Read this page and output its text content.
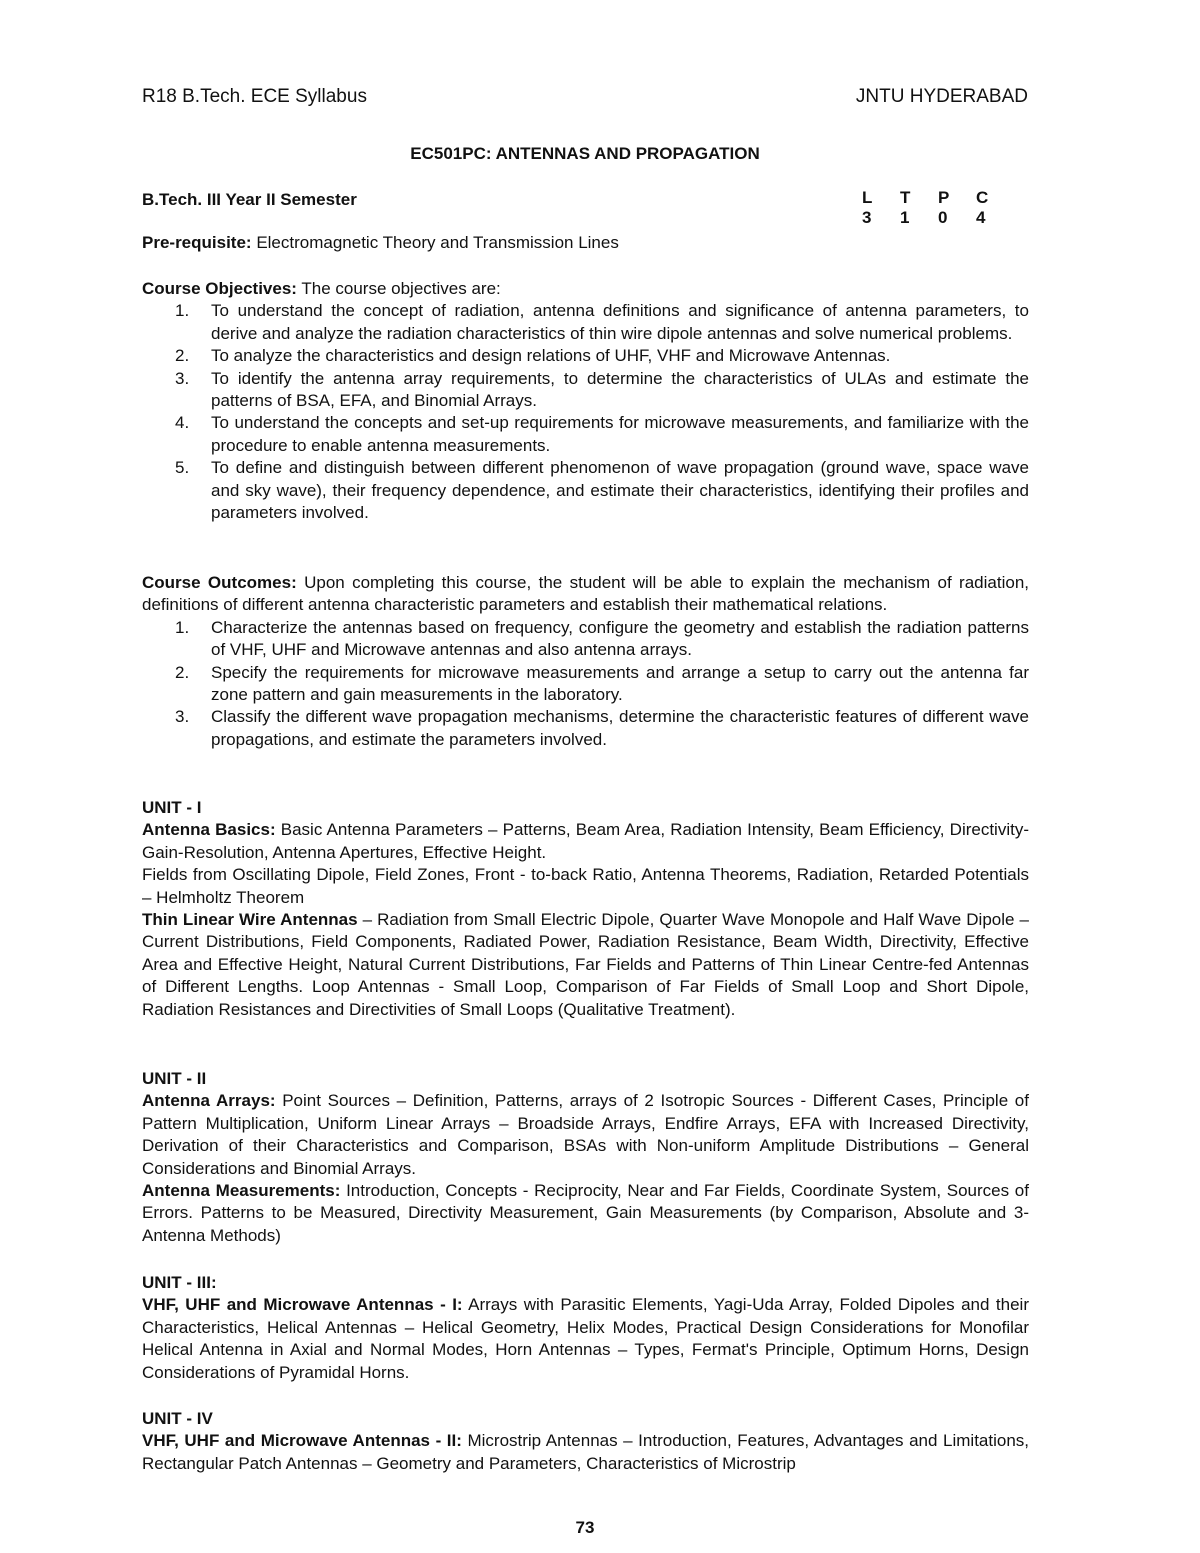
R18 B.Tech. ECE Syllabus	JNTU HYDERABAD
EC501PC: ANTENNAS AND PROPAGATION
B.Tech. III Year II Semester	L	T	P	C
3	1	0	4
Pre-requisite: Electromagnetic Theory and Transmission Lines
Course Objectives: The course objectives are:
1. To understand the concept of radiation, antenna definitions and significance of antenna parameters, to derive and analyze the radiation characteristics of thin wire dipole antennas and solve numerical problems.
2. To analyze the characteristics and design relations of UHF, VHF and Microwave Antennas.
3. To identify the antenna array requirements, to determine the characteristics of ULAs and estimate the patterns of BSA, EFA, and Binomial Arrays.
4. To understand the concepts and set-up requirements for microwave measurements, and familiarize with the procedure to enable antenna measurements.
5. To define and distinguish between different phenomenon of wave propagation (ground wave, space wave and sky wave), their frequency dependence, and estimate their characteristics, identifying their profiles and parameters involved.
Course Outcomes: Upon completing this course, the student will be able to explain the mechanism of radiation, definitions of different antenna characteristic parameters and establish their mathematical relations.
1. Characterize the antennas based on frequency, configure the geometry and establish the radiation patterns of VHF, UHF and Microwave antennas and also antenna arrays.
2. Specify the requirements for microwave measurements and arrange a setup to carry out the antenna far zone pattern and gain measurements in the laboratory.
3. Classify the different wave propagation mechanisms, determine the characteristic features of different wave propagations, and estimate the parameters involved.
UNIT - I
Antenna Basics: Basic Antenna Parameters – Patterns, Beam Area, Radiation Intensity, Beam Efficiency, Directivity-Gain-Resolution, Antenna Apertures, Effective Height.
Fields from Oscillating Dipole, Field Zones, Front - to-back Ratio, Antenna Theorems, Radiation, Retarded Potentials – Helmholtz Theorem
Thin Linear Wire Antennas – Radiation from Small Electric Dipole, Quarter Wave Monopole and Half Wave Dipole – Current Distributions, Field Components, Radiated Power, Radiation Resistance, Beam Width, Directivity, Effective Area and Effective Height, Natural Current Distributions, Far Fields and Patterns of Thin Linear Centre-fed Antennas of Different Lengths. Loop Antennas - Small Loop, Comparison of Far Fields of Small Loop and Short Dipole, Radiation Resistances and Directivities of Small Loops (Qualitative Treatment).
UNIT - II
Antenna Arrays: Point Sources – Definition, Patterns, arrays of 2 Isotropic Sources - Different Cases, Principle of Pattern Multiplication, Uniform Linear Arrays – Broadside Arrays, Endfire Arrays, EFA with Increased Directivity, Derivation of their Characteristics and Comparison, BSAs with Non-uniform Amplitude Distributions – General Considerations and Binomial Arrays.
Antenna Measurements: Introduction, Concepts - Reciprocity, Near and Far Fields, Coordinate System, Sources of Errors. Patterns to be Measured, Directivity Measurement, Gain Measurements (by Comparison, Absolute and 3-Antenna Methods)
UNIT - III:
VHF, UHF and Microwave Antennas - I: Arrays with Parasitic Elements, Yagi-Uda Array, Folded Dipoles and their Characteristics, Helical Antennas – Helical Geometry, Helix Modes, Practical Design Considerations for Monofilar Helical Antenna in Axial and Normal Modes, Horn Antennas – Types, Fermat's Principle, Optimum Horns, Design Considerations of Pyramidal Horns.
UNIT - IV
VHF, UHF and Microwave Antennas - II: Microstrip Antennas – Introduction, Features, Advantages and Limitations, Rectangular Patch Antennas – Geometry and Parameters, Characteristics of Microstrip
73
